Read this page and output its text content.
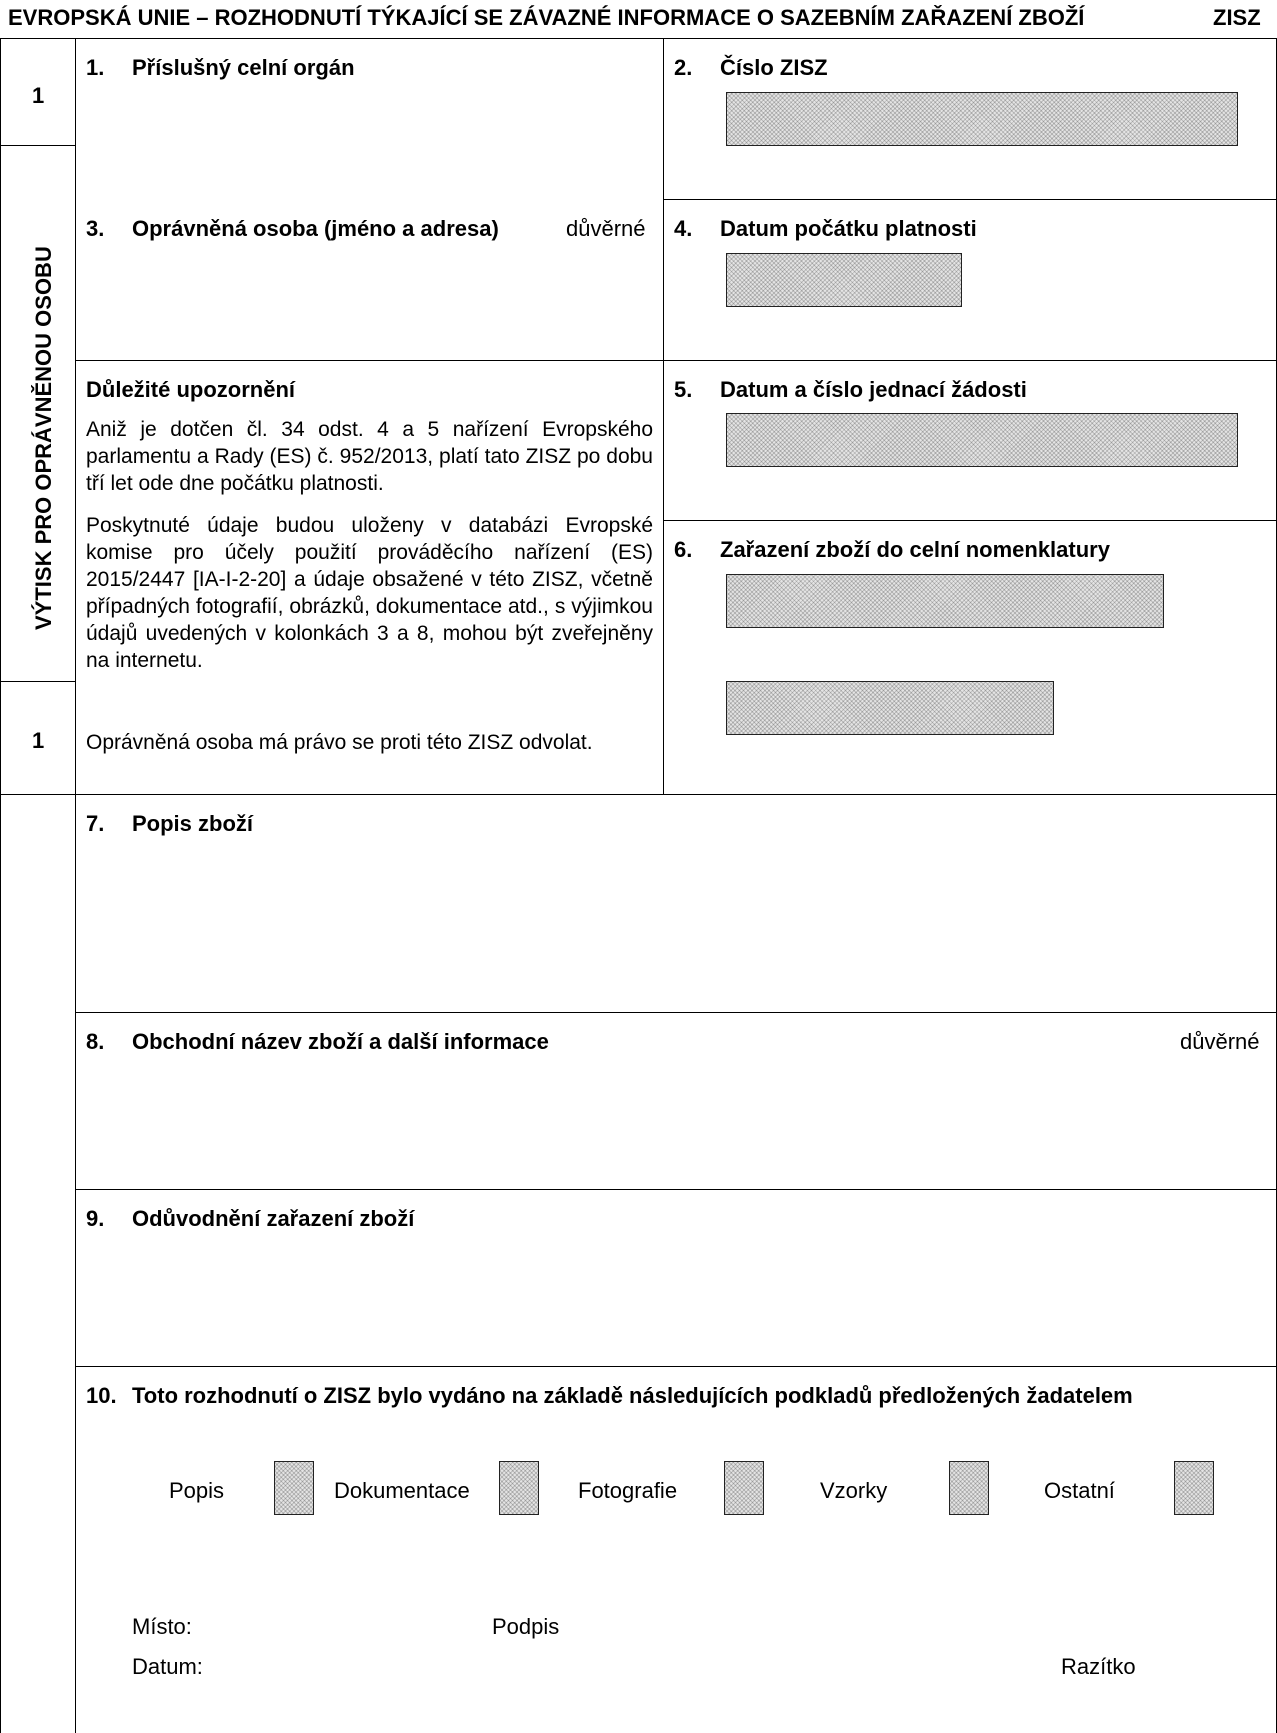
EVROPSKÁ UNIE – ROZHODNUTÍ TÝKAJÍCÍ SE ZÁVAZNÉ INFORMACE O SAZEBNÍM ZAŘAZENÍ ZBOŽÍ	ZISZ
1
VÝTISK PRO OPRÁVNĚNOU OSOBU
1
1. Příslušný celní orgán	2. Číslo ZISZ
3. Oprávněná osoba (jméno a adresa)	důvěrné 4. Datum počátku platnosti
Důležité upozornění
Aniž je dotčen čl. 34 odst. 4 a 5 nařízení Evropského parlamentu a Rady (ES) č. 952/2013, platí tato ZISZ po dobu tří let ode dne počátku platnosti.
Poskytnuté údaje budou uloženy v databázi Evropské komise pro účely použití prováděcího nařízení (ES) 2015/2447 [IA-I-2-20] a údaje obsažené v této ZISZ, včetně případných fotografií, obrázků, dokumentace atd., s výjimkou údajů uvedených v kolonkách 3 a 8, mohou být zveřejněny na internetu.
Oprávněná osoba má právo se proti této ZISZ odvolat.
5. Datum a číslo jednací žádosti
6. Zařazení zboží do celní nomenklatury
7. Popis zboží
8. Obchodní název zboží a další informace	důvěrné
9. Odůvodnění zařazení zboží
10. Toto rozhodnutí o ZISZ bylo vydáno na základě následujících podkladů předložených žadatelem
Popis	Dokumentace	Fotografie	Vzorky	Ostatní
Místo:
Datum:
Podpis
Razítko
